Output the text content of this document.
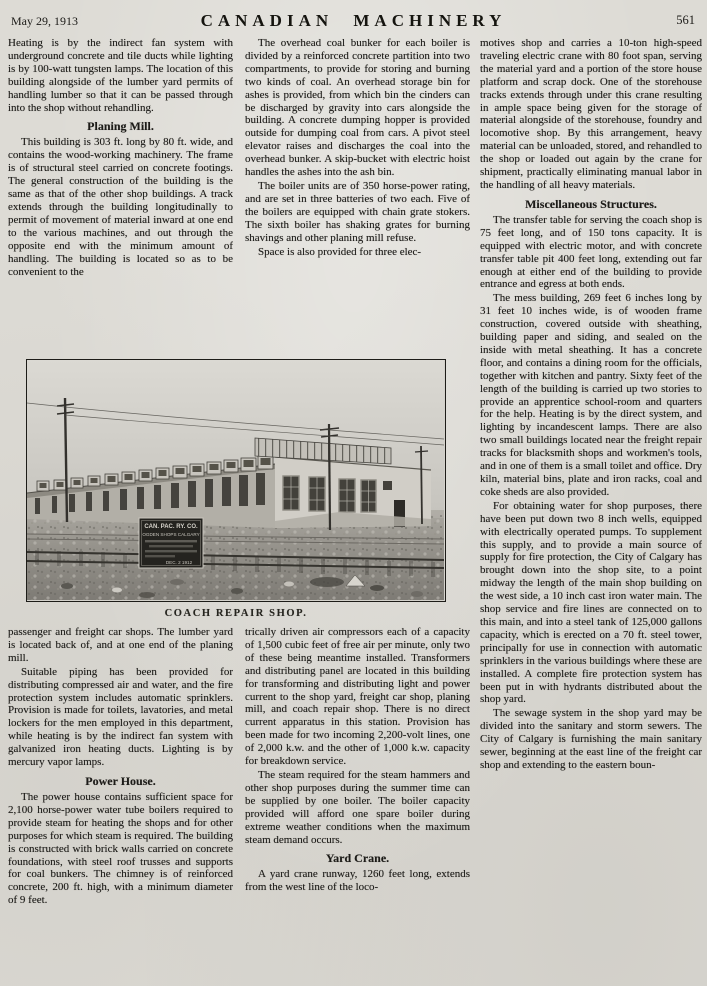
May 29, 1913	CANADIAN MACHINERY	561

Heating is by the indirect fan system with underground concrete and tile ducts while lighting is by 100-watt tungsten lamps. The location of this building alongside of the lumber yard permits of handling lumber so that it can be passed through into the shop without rehandling.

Planing Mill.

This building is 303 ft. long by 80 ft. wide, and contains the wood-working machinery. The frame is of structural steel carried on concrete footings. The general construction of the building is the same as that of the other shop buildings. A track extends through the building longitudinally to permit of movement of material inward at one end to the various machines, and out through the opposite end with the minimum amount of handling. The building is located so as to be convenient to the

The overhead coal bunker for each boiler is divided by a reinforced concrete partition into two compartments, to provide for storing and burning two kinds of coal. An overhead storage bin for ashes is provided, from which bin the cinders can be discharged by gravity into cars alongside the building. A concrete dumping hopper is provided outside for dumping coal from cars. A pivot steel elevator raises and discharges the coal into the overhead bunker. A skip-bucket with electric hoist handles the ashes into the ash bin.

The boiler units are of 350 horse-power rating, and are set in three batteries of two each. Five of the boilers are equipped with chain grate stokers. The sixth boiler has shaking grates for burning shavings and other planing mill refuse.

Space is also provided for three elec-

CAN. PAC. RY. CO.
OGDEN SHOPS CALGARY
DEC. 2 1912
COACH REPAIR SHOP.

passenger and freight car shops. The lumber yard is located back of, and at one end of the planing mill.

Suitable piping has been provided for distributing compressed air and water, and the fire protection system includes automatic sprinklers. Provision is made for toilets, lavatories, and metal lockers for the men employed in this department, while heating is by the indirect fan system with galvanized iron heating ducts. Lighting is by mercury vapor lamps.

Power House.

The power house contains sufficient space for 2,100 horse-power water tube boilers required to provide steam for heating the shops and for other purposes for which steam is required. The building is constructed with brick walls carried on concrete foundations, with steel roof trusses and supports for coal bunkers. The chimney is of reinforced concrete, 200 ft. high, with a minimum diameter of 9 feet.

trically driven air compressors each of a capacity of 1,500 cubic feet of free air per minute, only two of these being meantime installed. Transformers and distributing panel are located in this building for transforming and distributing light and power current to the shop yard, freight car shop, planing mill, and coach repair shop. There is no direct current apparatus in this station. Provision has been made for two incoming 2,200-volt lines, one of 2,000 k.w. and the other of 1,000 k.w. capacity for breakdown service.

The steam required for the steam hammers and other shop purposes during the summer time can be supplied by one boiler. The boiler capacity provided will afford one spare boiler during extreme weather conditions when the maximum steam demand occurs.

Yard Crane.

A yard crane runway, 1260 feet long, extends from the west line of the loco-

motives shop and carries a 10-ton high-speed traveling electric crane with 80 foot span, serving the material yard and a portion of the store house platform and scrap dock. One of the storehouse tracks extends through under this crane resulting in ample space being given for the storage of material alongside of the storehouse, foundry and locomotive shop. By this arrangement, heavy material can be unloaded, stored, and rehandled to the shop or loaded out again by the crane for shipment, practically eliminating manual labor in the handling of all heavy materials.

Miscellaneous Structures.

The transfer table for serving the coach shop is 75 feet long, and of 150 tons capacity. It is equipped with electric motor, and with concrete transfer table pit 400 feet long, extending out far enough at either end of the building to provide entrance and egress at both ends.

The mess building, 269 feet 6 inches long by 31 feet 10 inches wide, is of wooden frame construction, covered outside with sheathing, building paper and siding, and sealed on the inside with metal sheathing. It has a concrete floor, and contains a dining room for the officials, together with kitchen and pantry. Sixty feet of the length of the building is carried up two stories to provide an apprentice school-room and quarters for the help. Heating is by the direct system, and lighting by incandescent lamps. There are also two small buildings located near the freight repair tracks for blacksmith shops and workmen's tools, and in one of them is a small toilet and office. Dry kiln, material bins, plate and iron racks, coal and coke sheds are also provided.

For obtaining water for shop purposes, there have been put down two 8 inch wells, equipped with electrically operated pumps. To supplement this supply, and to provide a main source of supply for fire protection, the City of Calgary has brought down into the shop site, to a point midway the length of the main shop building on the west side, a 10 inch cast iron water main. The shop service and fire lines are connected on to this main, and into a steel tank of 125,000 gallons capacity, which is erected on a 70 ft. steel tower, principally for use in connection with automatic sprinklers in the various buildings where these are installed. A complete fire protection system has been put in with hydrants distributed about the shop yard.

The sewage system in the shop yard may be divided into the sanitary and storm sewers. The City of Calgary is furnishing the main sanitary sewer, beginning at the east line of the freight car shop and extending to the eastern boun-
